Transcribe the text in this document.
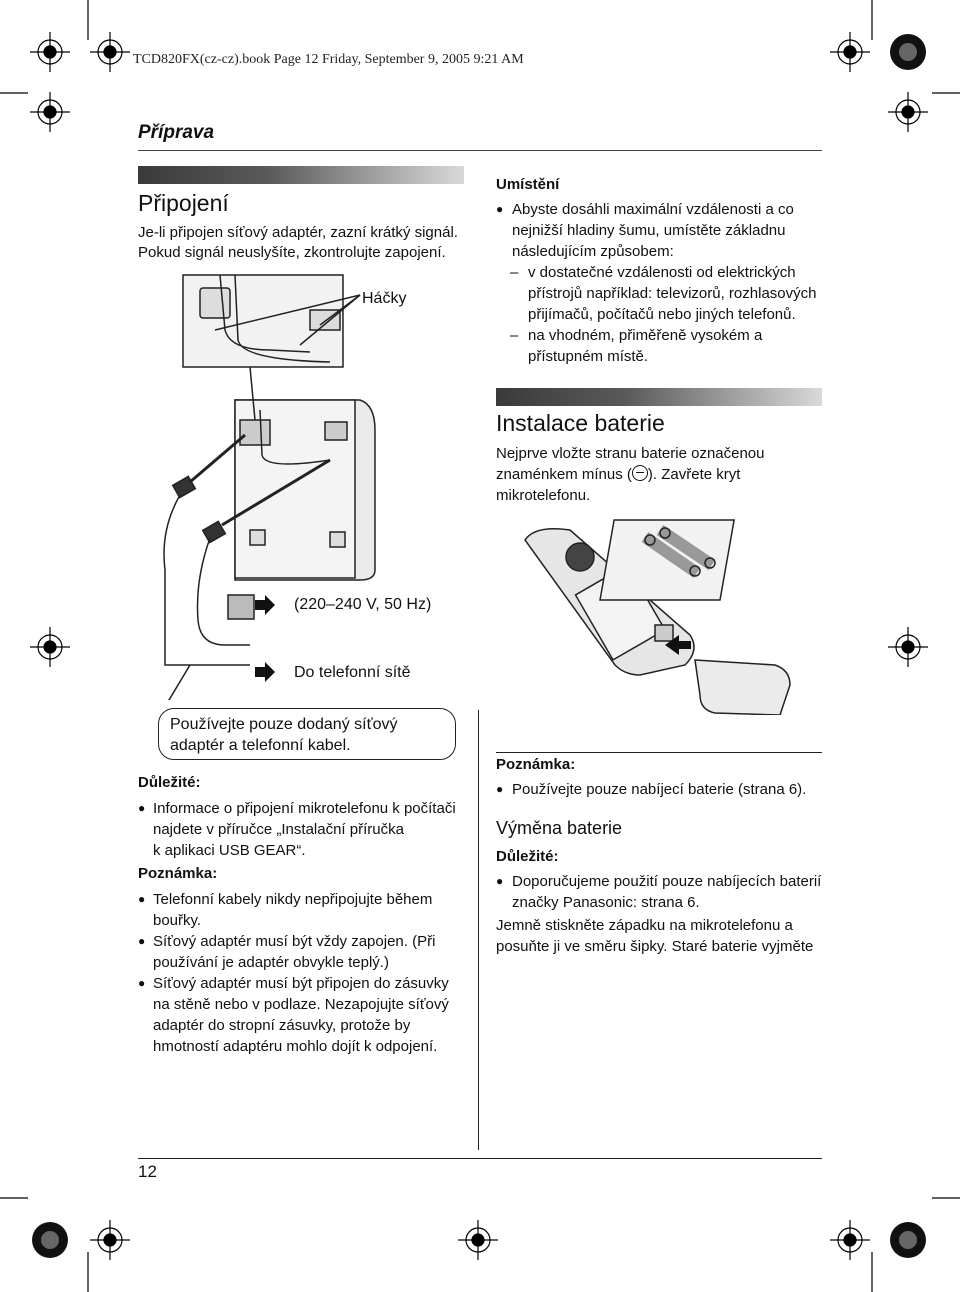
TCD820FX(cz-cz).book Page 12 Friday, September 9, 2005 9:21 AM
Příprava
Připojení
Je-li připojen síťový adaptér, zazní krátký signál.
Pokud signál neuslyšíte, zkontrolujte zapojení.
Háčky
(220–240 V, 50 Hz)
Do telefonní sítě
Používejte pouze dodaný síťový
adaptér a telefonní kabel.
Důležité:
● Informace o připojení mikrotelefonu k počítači
najdete v příručce „Instalační příručka
k aplikaci USB GEAR“.
Poznámka:
● Telefonní kabely nikdy nepřipojujte během
bouřky.
● Síťový adaptér musí být vždy zapojen. (Při
používání je adaptér obvykle teplý.)
● Síťový adaptér musí být připojen do zásuvky
na stěně nebo v podlaze. Nezapojujte síťový
adaptér do stropní zásuvky, protože by
hmotností adaptéru mohlo dojít k odpojení.
Umístění
● Abyste dosáhli maximální vzdálenosti a co
nejnižší hladiny šumu, umístěte základnu
následujícím způsobem:
– v dostatečné vzdálenosti od elektrických
přístrojů například: televizorů, rozhlasových
přijímačů, počítačů nebo jiných telefonů.
– na vhodném, přiměřeně vysokém a
přístupném místě.
Instalace baterie
Nejprve vložte stranu baterie označenou
znaménkem mínus ( ). Zavřete kryt
mikrotelefonu.
Poznámka:
● Používejte pouze nabíjecí baterie (strana 6).
Výměna baterie
Důležité:
● Doporučujeme použití pouze nabíjecích baterií
značky Panasonic: strana 6.
Jemně stiskněte západku na mikrotelefonu a
posuňte ji ve směru šipky. Staré baterie vyjměte
12
